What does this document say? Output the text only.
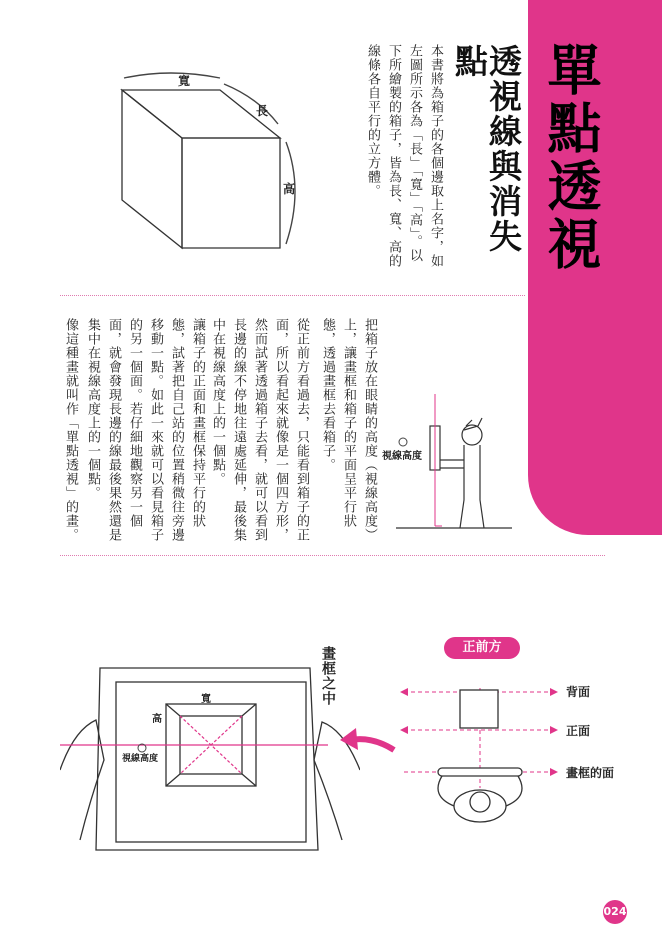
單點透視
透視線與消失點
本書將為箱子的各個邊取上名字，如左圖所示各為「長」「寬」「高」。以下所繪製的箱子，皆為長、寬、高的線條各自平行的立方體。
寬
長
高
把箱子放在眼睛的高度（視線高度）上，讓畫框和箱子的平面呈平行狀態，透過畫框去看箱子。
從正前方看過去，只能看到箱子的正面，所以看起來就像是一個四方形，然而試著透過箱子去看，就可以看到長邊的線不停地往遠處延伸，最後集中在視線高度上的一個點。
讓箱子的正面和畫框保持平行的狀態，試著把自己站的位置稍微往旁邊移動一點。如此一來就可以看見箱子的另一個面。若仔細地觀察另一個面，就會發現長邊的線最後果然還是集中在視線高度上的一個點。
像這種畫就叫作「單點透視」的畫。	視線高度
寬
高
視線高度
畫框之中	正前方
背面
正面
畫框的面
024
